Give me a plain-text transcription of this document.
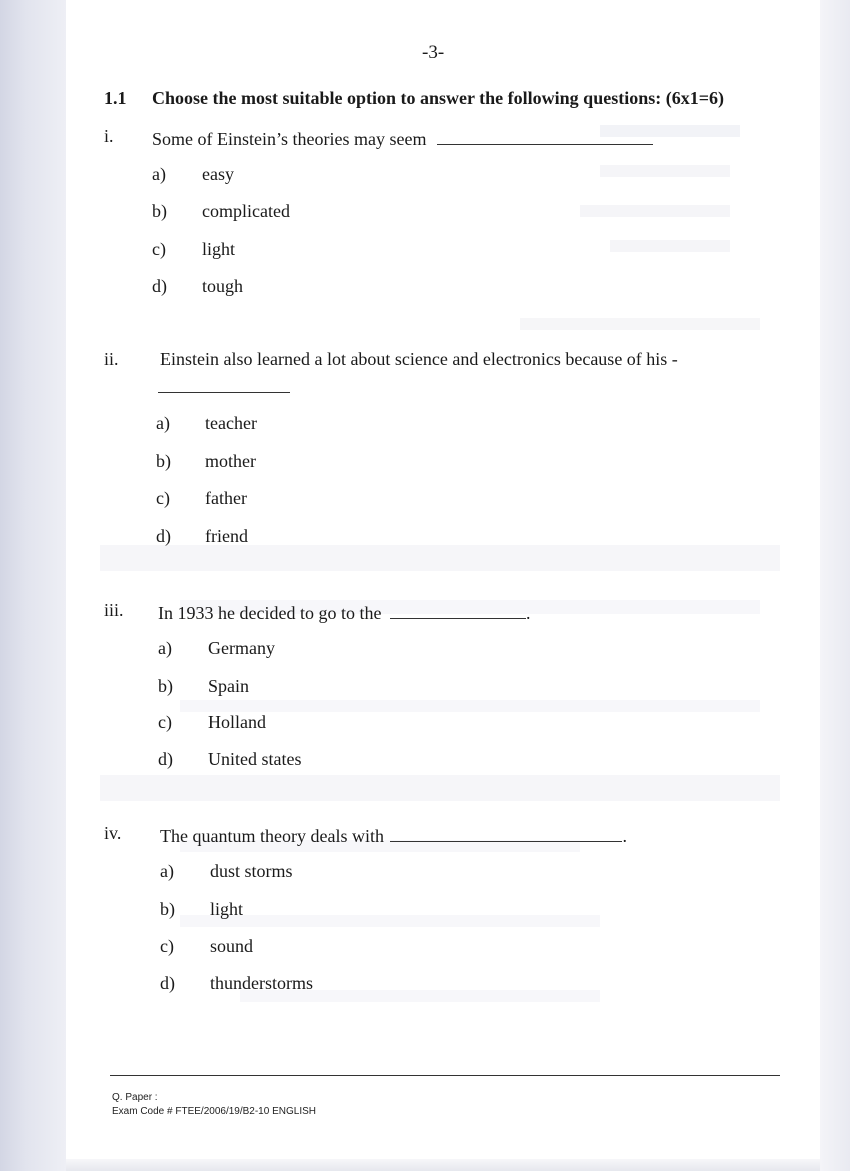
-3-
1.1 Choose the most suitable option to answer the following questions: (6x1=6)
i. Some of Einstein’s theories may seem
a) easy
b) complicated
c) light
d) tough
ii. Einstein also learned a lot about science and electronics because of his -
a) teacher
b) mother
c) father
d) friend
iii. In 1933 he decided to go to the	.
a) Germany
b) Spain
c) Holland
d) United states
iv. The quantum theory deals with	.
a) dust storms
b) light
c) sound
d) thunderstorms
Q. Paper :
Exam Code # FTEE/2006/19/B2-10 ENGLISH
